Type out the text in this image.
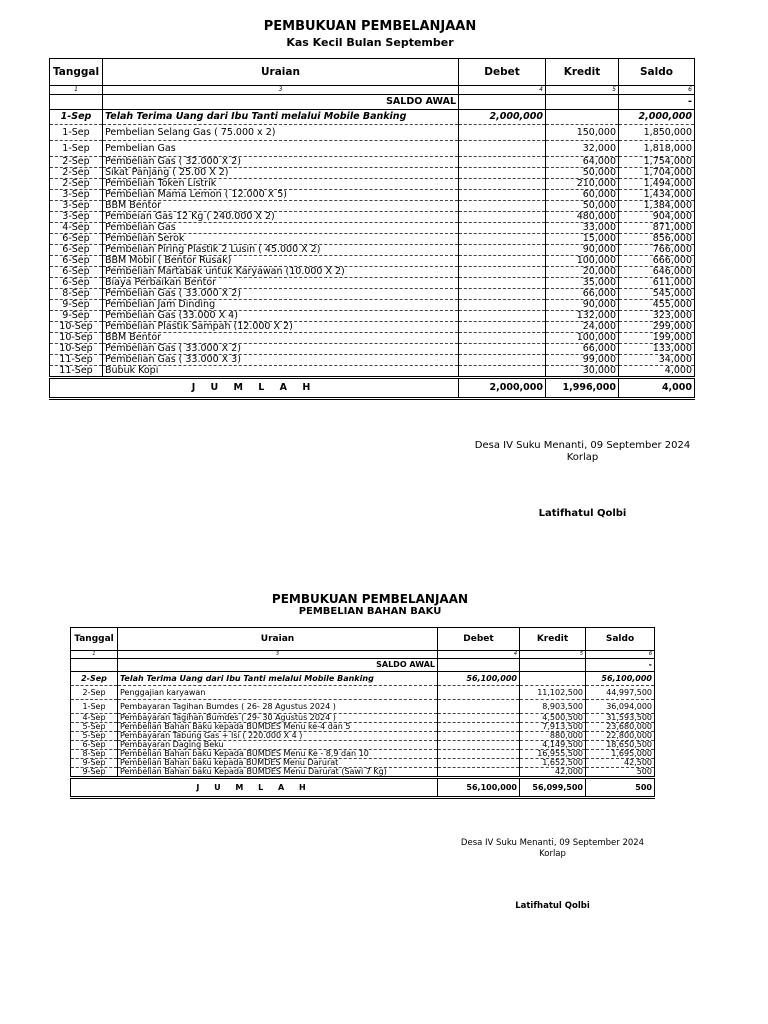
PEMBUKUAN PEMBELANJAAN
Kas Kecil Bulan September
Tanggal	Uraian	Debet	Kredit	Saldo
1	3	4	5	6
	SALDO AWAL			-
1-Sep	Telah Terima Uang dari Ibu Tanti melalui Mobile Banking	2,000,000		2,000,000
1-Sep	Pembelian Selang Gas ( 75.000 x 2)		150,000	1,850,000
1-Sep	Pembelian Gas		32,000	1,818,000
2-Sep	Pembelian Gas ( 32.000 X 2)		64,000	1,754,000
2-Sep	Sikat Panjang ( 25.00 X 2)		50,000	1,704,000
2-Sep	Pembelian Token Listrik		210,000	1,494,000
3-Sep	Pembelian Mama Lemon ( 12.000 X 5)		60,000	1,434,000
3-Sep	BBM Bentor		50,000	1,384,000
3-Sep	Pembeian Gas 12 Kg ( 240.000 X 2)		480,000	904,000
4-Sep	Pembelian Gas		33,000	871,000
6-Sep	Pembelian Serok		15,000	856,000
6-Sep	Pembelian Piring Plastik 2 Lusin ( 45.000 X 2)		90,000	766,000
6-Sep	BBM Mobil ( Bentor Rusak)		100,000	666,000
6-Sep	Pembelian Martabak untuk Karyawan (10.000 X 2)		20,000	646,000
6-Sep	Biaya Perbaikan Bentor		35,000	611,000
8-Sep	Pembelian Gas ( 33.000 X 2)		66,000	545,000
9-Sep	Pembelian Jam Dinding		90,000	455,000
9-Sep	Pembelian Gas (33.000 X 4)		132,000	323,000
10-Sep	Pembelian Plastik Sampah (12.000 X 2)		24,000	299,000
10-Sep	BBM Bentor		100,000	199,000
10-Sep	Pembelian Gas ( 33.000 X 2)		66,000	133,000
11-Sep	Pembelian Gas ( 33.000 X 3)		99,000	34,000
11-Sep	Bubuk Kopi		30,000	4,000
J U M L A H		2,000,000	1,996,000	4,000
Desa IV Suku Menanti, 09 September 2024
Korlap
Latifhatul Qolbi
PEMBUKUAN PEMBELANJAAN
PEMBELIAN BAHAN BAKU
Tanggal	Uraian	Debet	Kredit	Saldo
1	3	4	5	6
	SALDO AWAL			-
2-Sep	Telah Terima Uang dari Ibu Tanti melalui Mobile Banking	56,100,000		56,100,000
2-Sep	Penggajian karyawan		11,102,500	44,997,500
1-Sep	Pembayaran Tagihan Bumdes ( 26- 28 Agustus 2024 )		8,903,500	36,094,000
4-Sep	Pembayaran Tagihan Bumdes ( 29- 30 Agustus 2024 )		4,500,500	31,593,500
5-Sep	Pembelian Bahan Baku kepada BUMDES Menu ke-4 dan 5		7,913,500	23,680,000
5-Sep	Pembayaran Tabung Gas + Isi ( 220.000 X 4 )		880,000	22,800,000
6-Sep	Pembayaran Daging Beku		4,149,500	18,650,500
8-Sep	Pembelian Bahan baku Kepada BUMDES Menu Ke - 8,9 dan 10		16,955,500	1,695,000
9-Sep	Pembelian Bahan baku kepada BUMDES Menu Darurat		1,652,500	42,500
9-Sep	Pembelian Bahan baku Kepada BUMDES Menu Darurat (Sawi 7 Kg)		42,000	500
J U M L A H		56,100,000	56,099,500	500
Desa IV Suku Menanti, 09 September 2024
Korlap
Latifhatul Qolbi
